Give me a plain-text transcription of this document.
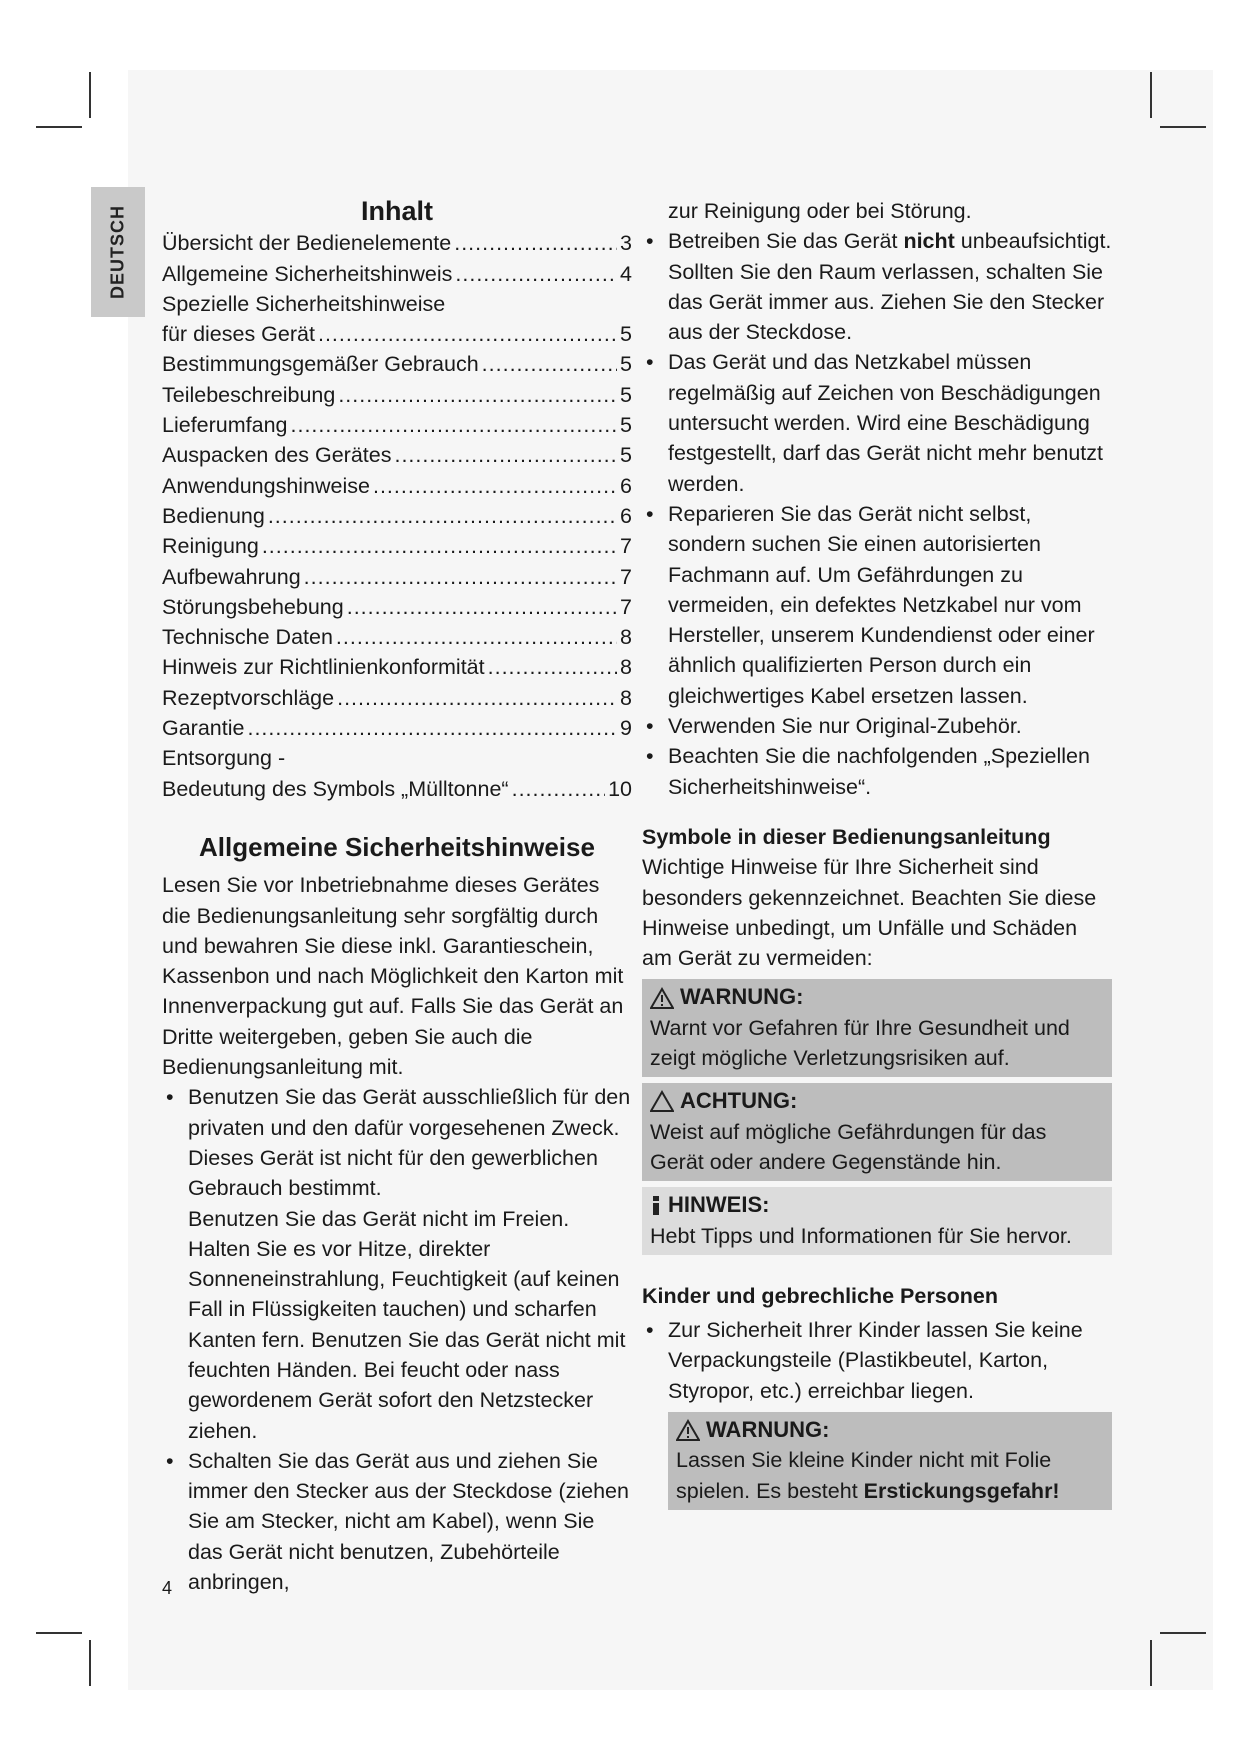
DEUTSCH	Inhalt
Übersicht der Bedienelemente .....	3
Allgemeine Sicherheitshinweis .....	4
Spezielle Sicherheitshinweise
für dieses Gerät .....	5
Bestimmungsgemäßer Gebrauch .....	5
Teilebeschreibung .....	5
Lieferumfang .....	5
Auspacken des Gerätes .....	5
Anwendungshinweise .....	6
Bedienung .....	6
Reinigung .....	7
Aufbewahrung .....	7
Störungsbehebung .....	7
Technische Daten .....	8
Hinweis zur Richtlinienkonformität .....	8
Rezeptvorschläge .....	8
Garantie .....	9
Entsorgung -
Bedeutung des Symbols „Mülltonne“ .....	10
Allgemeine Sicherheitshinweise

Lesen Sie vor Inbetriebnahme dieses Gerätes die Bedienungsanleitung sehr sorgfältig durch und bewahren Sie diese inkl. Garantieschein, Kassenbon und nach Möglichkeit den Karton mit Innenverpackung gut auf. Falls Sie das Gerät an Dritte weitergeben, geben Sie auch die Bedienungsanleitung mit.

• Benutzen Sie das Gerät ausschließlich für den privaten und den dafür vorgesehenen Zweck. Dieses Gerät ist nicht für den gewerblichen Gebrauch bestimmt.
Benutzen Sie das Gerät nicht im Freien. Halten Sie es vor Hitze, direkter Sonneneinstrahlung, Feuchtigkeit (auf keinen Fall in Flüssigkeiten tauchen) und scharfen Kanten fern. Benutzen Sie das Gerät nicht mit feuchten Händen. Bei feucht oder nass gewordenem Gerät sofort den Netzstecker ziehen.
• Schalten Sie das Gerät aus und ziehen Sie immer den Stecker aus der Steckdose (ziehen Sie am Stecker, nicht am Kabel), wenn Sie das Gerät nicht benutzen, Zubehörteile anbringen,
zur Reinigung oder bei Störung.
• Betreiben Sie das Gerät nicht unbeaufsichtigt. Sollten Sie den Raum verlassen, schalten Sie das Gerät immer aus. Ziehen Sie den Stecker aus der Steckdose.
• Das Gerät und das Netzkabel müssen regelmäßig auf Zeichen von Beschädigungen untersucht werden. Wird eine Beschädigung festgestellt, darf das Gerät nicht mehr benutzt werden.
• Reparieren Sie das Gerät nicht selbst, sondern suchen Sie einen autorisierten Fachmann auf. Um Gefährdungen zu vermeiden, ein defektes Netzkabel nur vom Hersteller, unserem Kundendienst oder einer ähnlich qualifizierten Person durch ein gleichwertiges Kabel ersetzen lassen.
• Verwenden Sie nur Original-Zubehör.
• Beachten Sie die nachfolgenden „Speziellen Sicherheitshinweise“.
Symbole in dieser Bedienungsanleitung

Wichtige Hinweise für Ihre Sicherheit sind besonders gekennzeichnet. Beachten Sie diese Hinweise unbedingt, um Unfälle und Schäden am Gerät zu vermeiden:

WARNUNG:
Warnt vor Gefahren für Ihre Gesundheit und zeigt mögliche Verletzungsrisiken auf.
ACHTUNG:
Weist auf mögliche Gefährdungen für das Gerät oder andere Gegenstände hin.
HINWEIS:
Hebt Tipps und Informationen für Sie hervor.
Kinder und gebrechliche Personen
• Zur Sicherheit Ihrer Kinder lassen Sie keine Verpackungsteile (Plastikbeutel, Karton, Styropor, etc.) erreichbar liegen.
WARNUNG:
Lassen Sie kleine Kinder nicht mit Folie spielen. Es besteht Erstickungsgefahr!
4
